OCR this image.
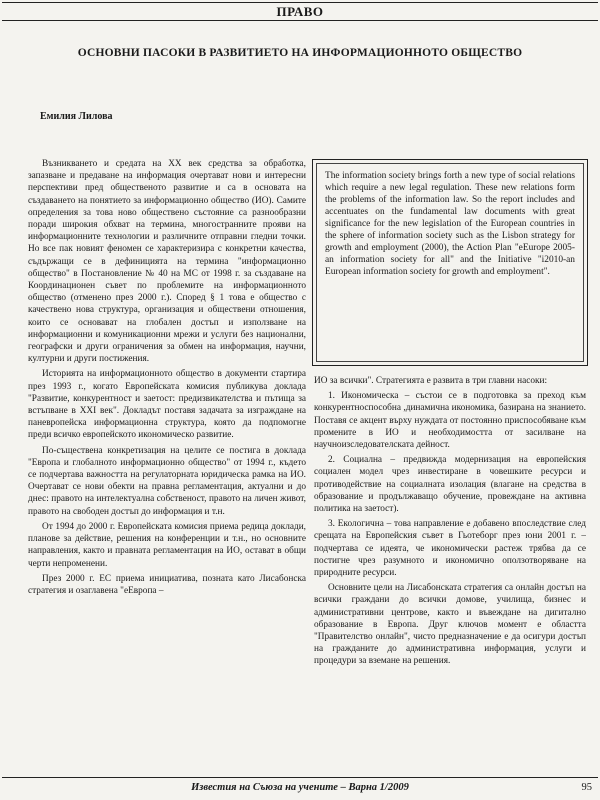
ПРАВО
ОСНОВНИ ПАСОКИ В РАЗВИТИЕТО НА ИНФОРМАЦИОННОТО ОБЩЕСТВО
Емилия Лилова

Възникването и средата на XX век средства за обработка, запазване и предаване на информация очертават нови и интересни перспективи пред общественото развитие и са в основата на създаването на понятието за информационно общество (ИО). Самите определения за това ново обществено състояние са разнообразни поради широкия обхват на термина, многостранните прояви на информационните технологии и различните отправни гледни точки. Но все пак новият феномен се характеризира с конкретни качества, съдържащи се в дефиницията на термина "информационно общество" в Постановление № 40 на МС от 1998 г. за създаване на Координационен съвет по проблемите на информационното общество (отменено през 2000 г.). Според § 1 това е общество с качествено нова структура, организация и обществени отношения, които се основават на глобален достъп и използване на информационни и комуникационни мрежи и услуги без национални, географски и други ограничения за обмен на информация, научни, културни и други постижения.

Историята на информационното общество в документи стартира през 1993 г., когато Европейската комисия публикува доклада "Развитие, конкурентност и заетост: предизвикателства и пътища за встъпване в XXI век". Докладът поставя задачата за изграждане на паневропейска информационна структура, която да подпомогне преди всичко европейското икономическо развитие.

По-съществена конкретизация на целите се постига в доклада "Европа и глобалното информационно общество" от 1994 г., където се подчертава важността на регулаторната юридическа рамка на ИО. Очертават се нови обекти на правна регламентация, актуални и до днес: правото на интелектуална собственост, правото на личен живот, правото на свободен достъп до информация и т.н.

От 1994 до 2000 г. Европейската комисия приема редица доклади, планове за действие, решения на конференции и т.н., но основните направления, както и правната регламентация на ИО, остават в общи черти непроменени.

През 2000 г. ЕС приема инициатива, позната като Лисабонска стратегия и озаглавена "еЕвропа –

The information society brings forth a new type of social relations which require a new legal regulation. These new relations form the problems of the information law. So the report includes and accentuates on the fundamental law documents with great significance for the new legislation of the European countries in the sphere of information society such as the Lisbon strategy for growth and employment (2000), the Action Plan "eEurope 2005-an information society for all" and the Initiative "i2010-an European information society for growth and employment".

ИО за всички". Стратегията е развита в три главни насоки:

1. Икономическа – състои се в подготовка за преход към конкурентноспособна ,динамична икономика, базирана на знанието. Поставя се акцент върху нуждата от постоянно приспособяване към промените в ИО и необходимостта от засилване на научноизследователската дейност.

2. Социална – предвижда модернизация на европейския социален модел чрез инвестиране в човешките ресурси и противодействие на социалната изолация (влагане на средства в образование и продължаващо обучение, провеждане на активна политика на заетост).

3. Екологична – това направление е добавено впоследствие след срещата на Европейския съвет в Гьотеборг през юни 2001 г. – подчертава се идеята, че икономически растеж трябва да се постигне чрез разумното и икономично оползотворяване на природните ресурси.

Основните цели на Лисабонската стратегия са онлайн достъп на всички граждани до всички домове, училища, бизнес и административни центрове, както и въвеждане на дигитално образование в Европа. Друг ключов момент е областта "Правителство онлайн", чисто предназначение е да осигури достъп на гражданите до административна информация, услуги и процедури за вземане на решения.

Известия на Съюза на учените – Варна 1/2009	95
